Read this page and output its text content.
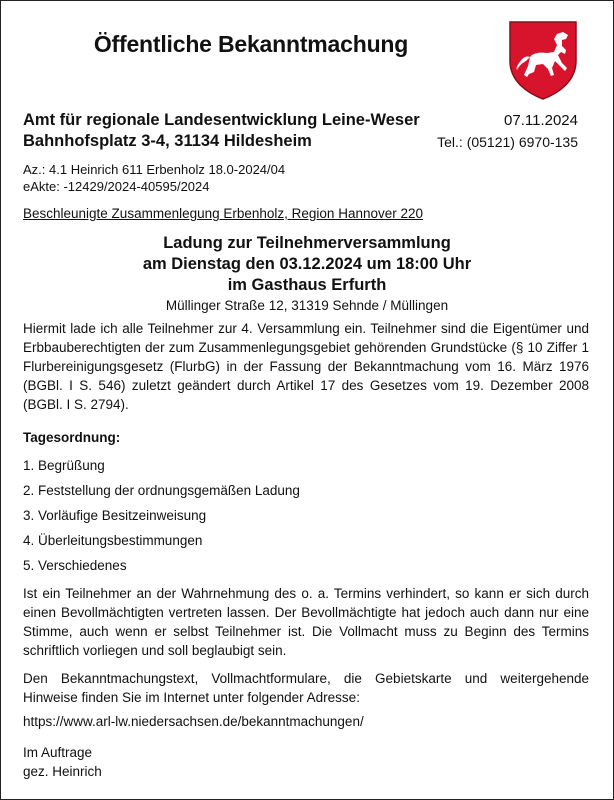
Öffentliche Bekanntmachung
Amt für regionale Landesentwicklung Leine-Weser
Bahnhofsplatz 3-4, 31134 Hildesheim
07.11.2024
Tel.: (05121) 6970-135
Az.: 4.1 Heinrich 611 Erbenholz 18.0-2024/04
eAkte: -12429/2024-40595/2024
Beschleunigte Zusammenlegung Erbenholz, Region Hannover 220
Ladung zur Teilnehmerversammlung
am Dienstag den 03.12.2024 um 18:00 Uhr
im Gasthaus Erfurth
Müllinger Straße 12, 31319 Sehnde / Müllingen
Hiermit lade ich alle Teilnehmer zur 4. Versammlung ein. Teilnehmer sind die Eigentümer und Erbbauberechtigten der zum Zusammenlegungsgebiet gehörenden Grundstücke (§ 10 Ziffer 1 Flurbereinigungsgesetz (FlurbG) in der Fassung der Bekanntmachung vom 16. März 1976 (BGBl. I S. 546) zuletzt geändert durch Artikel 17 des Gesetzes vom 19. Dezember 2008 (BGBl. I S. 2794).
Tagesordnung:
1. Begrüßung
2. Feststellung der ordnungsgemäßen Ladung
3. Vorläufige Besitzeinweisung
4. Überleitungsbestimmungen
5. Verschiedenes
Ist ein Teilnehmer an der Wahrnehmung des o. a. Termins verhindert, so kann er sich durch einen Bevollmächtigten vertreten lassen. Der Bevollmächtigte hat jedoch auch dann nur eine Stimme, auch wenn er selbst Teilnehmer ist. Die Vollmacht muss zu Beginn des Termins schriftlich vorliegen und soll beglaubigt sein.
Den Bekanntmachungstext, Vollmachtformulare, die Gebietskarte und weitergehende Hinweise finden Sie im Internet unter folgender Adresse:
https://www.arl-lw.niedersachsen.de/bekanntmachungen/
Im Auftrage
gez. Heinrich
